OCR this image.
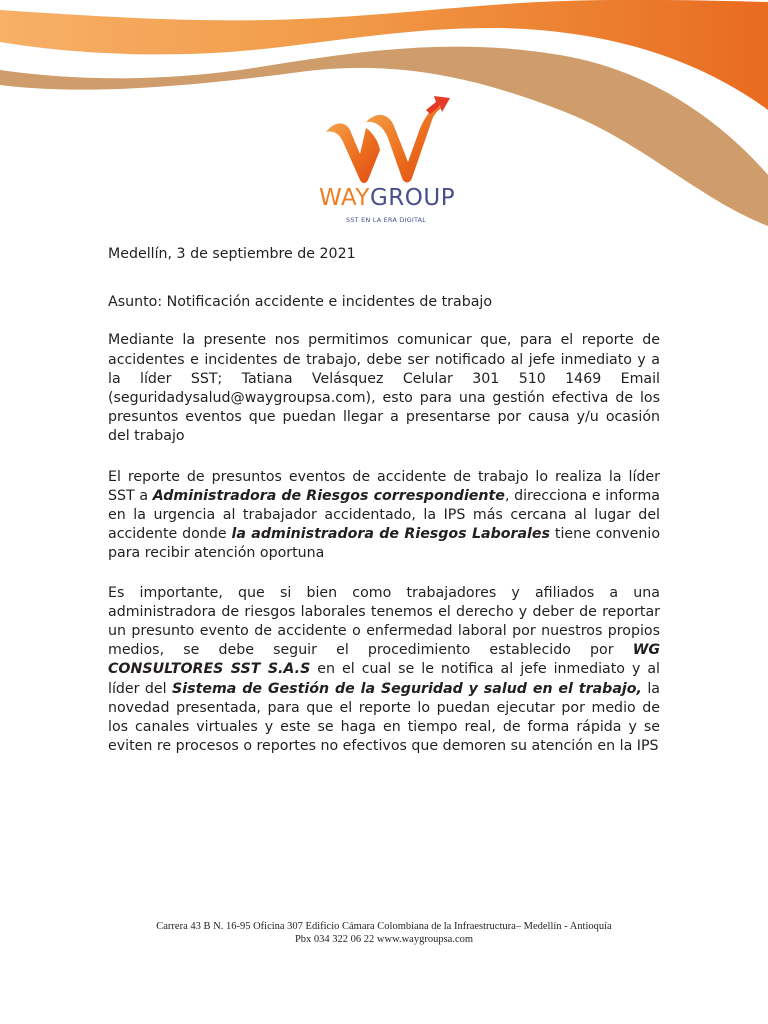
WAYGROUP
SST EN LA ERA DIGITAL

Medellín, 3 de septiembre de 2021

Asunto: Notificación accidente e incidentes de trabajo

Mediante la presente nos permitimos comunicar que, para el reporte de accidentes e incidentes de trabajo, debe ser notificado al jefe inmediato y a la líder SST; Tatiana Velásquez Celular 301 510 1469 Email (seguridadysalud@waygroupsa.com), esto para una gestión efectiva de los presuntos eventos que puedan llegar a presentarse por causa y/u ocasión del trabajo

El reporte de presuntos eventos de accidente de trabajo lo realiza la líder SST a Administradora de Riesgos correspondiente, direcciona e informa en la urgencia al trabajador accidentado, la IPS más cercana al lugar del accidente donde la administradora de Riesgos Laborales tiene convenio para recibir atención oportuna

Es importante, que si bien como trabajadores y afiliados a una administradora de riesgos laborales tenemos el derecho y deber de reportar un presunto evento de accidente o enfermedad laboral por nuestros propios medios, se debe seguir el procedimiento establecido por WG CONSULTORES SST S.A.S en el cual se le notifica al jefe inmediato y al líder del Sistema de Gestión de la Seguridad y salud en el trabajo, la novedad presentada, para que el reporte lo puedan ejecutar por medio de los canales virtuales y este se haga en tiempo real, de forma rápida y se eviten re procesos o reportes no efectivos que demoren su atención en la IPS

Carrera 43 B N. 16-95 Oficina 307 Edificio Cámara Colombiana de la Infraestructura– Medellín - Antioquía
Pbx 034 322 06 22 www.waygroupsa.com
